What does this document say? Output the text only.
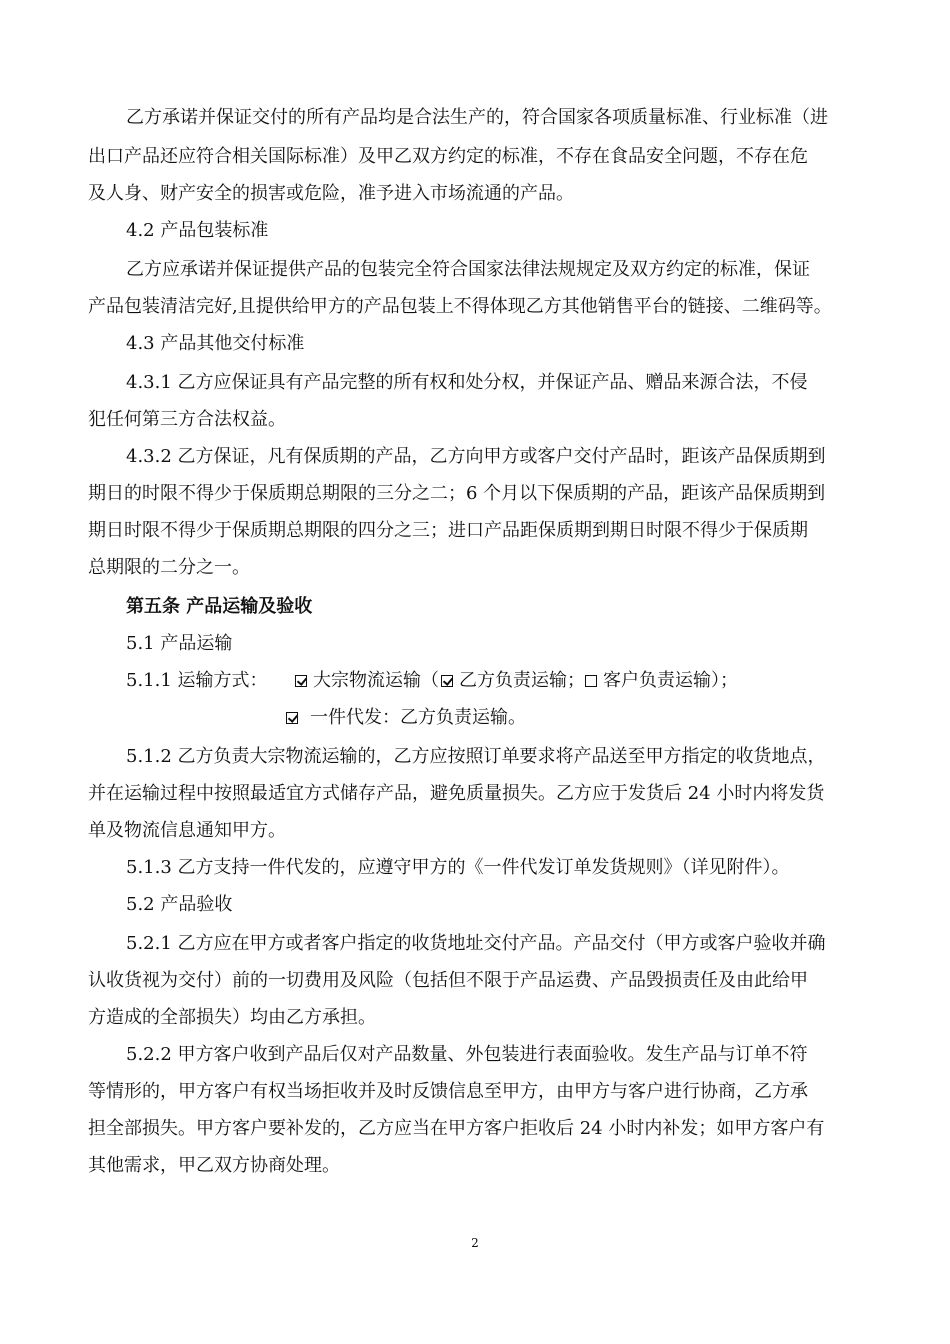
乙方承诺并保证交付的所有产品均是合法生产的，符合国家各项质量标准、行业标准（进
出口产品还应符合相关国际标准）及甲乙双方约定的标准，不存在食品安全问题，不存在危
及人身、财产安全的损害或危险，准予进入市场流通的产品。
4.2 产品包装标准
乙方应承诺并保证提供产品的包装完全符合国家法律法规规定及双方约定的标准，保证
产品包装清洁完好,且提供给甲方的产品包装上不得体现乙方其他销售平台的链接、二维码等。
4.3 产品其他交付标准
4.3.1 乙方应保证具有产品完整的所有权和处分权，并保证产品、赠品来源合法，不侵
犯任何第三方合法权益。
4.3.2 乙方保证，凡有保质期的产品，乙方向甲方或客户交付产品时，距该产品保质期到
期日的时限不得少于保质期总期限的三分之二；6 个月以下保质期的产品，距该产品保质期到
期日时限不得少于保质期总期限的四分之三；进口产品距保质期到期日时限不得少于保质期
总期限的二分之一。
第五条 产品运输及验收
5.1 产品运输
5.1.1 运输方式：	大宗物流运输（ 乙方负责运输； 客户负责运输）；
一件代发：乙方负责运输。
5.1.2 乙方负责大宗物流运输的，乙方应按照订单要求将产品送至甲方指定的收货地点，
并在运输过程中按照最适宜方式储存产品，避免质量损失。乙方应于发货后 24 小时内将发货
单及物流信息通知甲方。
5.1.3 乙方支持一件代发的，应遵守甲方的《一件代发订单发货规则》（详见附件）。
5.2 产品验收
5.2.1 乙方应在甲方或者客户指定的收货地址交付产品。产品交付（甲方或客户验收并确
认收货视为交付）前的一切费用及风险（包括但不限于产品运费、产品毁损责任及由此给甲
方造成的全部损失）均由乙方承担。
5.2.2 甲方客户收到产品后仅对产品数量、外包装进行表面验收。发生产品与订单不符
等情形的，甲方客户有权当场拒收并及时反馈信息至甲方，由甲方与客户进行协商，乙方承
担全部损失。甲方客户要补发的，乙方应当在甲方客户拒收后 24 小时内补发；如甲方客户有
其他需求，甲乙双方协商处理。
2
